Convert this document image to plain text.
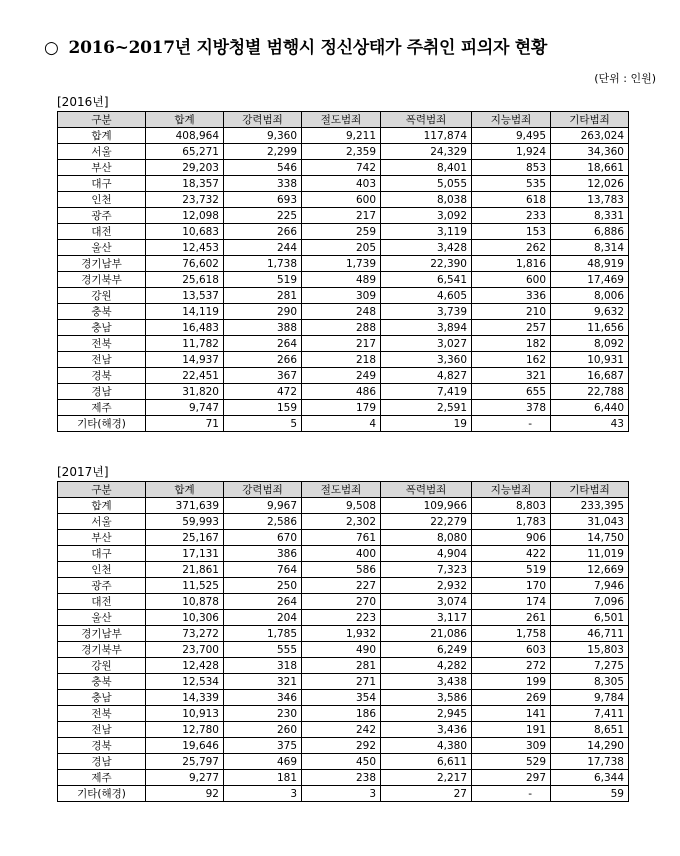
○ 2016~2017년 지방청별 범행시 정신상태가 주취인 피의자 현황
(단위 : 인원)
[2016년]
구분	합계	강력범죄	절도범죄	폭력범죄	지능범죄	기타범죄
합계	408,964	9,360	9,211	117,874	9,495	263,024
서울	65,271	2,299	2,359	24,329	1,924	34,360
부산	29,203	546	742	8,401	853	18,661
대구	18,357	338	403	5,055	535	12,026
인천	23,732	693	600	8,038	618	13,783
광주	12,098	225	217	3,092	233	8,331
대전	10,683	266	259	3,119	153	6,886
울산	12,453	244	205	3,428	262	8,314
경기남부	76,602	1,738	1,739	22,390	1,816	48,919
경기북부	25,618	519	489	6,541	600	17,469
강원	13,537	281	309	4,605	336	8,006
충북	14,119	290	248	3,739	210	9,632
충남	16,483	388	288	3,894	257	11,656
전북	11,782	264	217	3,027	182	8,092
전남	14,937	266	218	3,360	162	10,931
경북	22,451	367	249	4,827	321	16,687
경남	31,820	472	486	7,419	655	22,788
제주	9,747	159	179	2,591	378	6,440
기타(해경)	71	5	4	19	-	43
[2017년]
구분	합계	강력범죄	절도범죄	폭력범죄	지능범죄	기타범죄
합계	371,639	9,967	9,508	109,966	8,803	233,395
서울	59,993	2,586	2,302	22,279	1,783	31,043
부산	25,167	670	761	8,080	906	14,750
대구	17,131	386	400	4,904	422	11,019
인천	21,861	764	586	7,323	519	12,669
광주	11,525	250	227	2,932	170	7,946
대전	10,878	264	270	3,074	174	7,096
울산	10,306	204	223	3,117	261	6,501
경기남부	73,272	1,785	1,932	21,086	1,758	46,711
경기북부	23,700	555	490	6,249	603	15,803
강원	12,428	318	281	4,282	272	7,275
충북	12,534	321	271	3,438	199	8,305
충남	14,339	346	354	3,586	269	9,784
전북	10,913	230	186	2,945	141	7,411
전남	12,780	260	242	3,436	191	8,651
경북	19,646	375	292	4,380	309	14,290
경남	25,797	469	450	6,611	529	17,738
제주	9,277	181	238	2,217	297	6,344
기타(해경)	92	3	3	27	-	59
